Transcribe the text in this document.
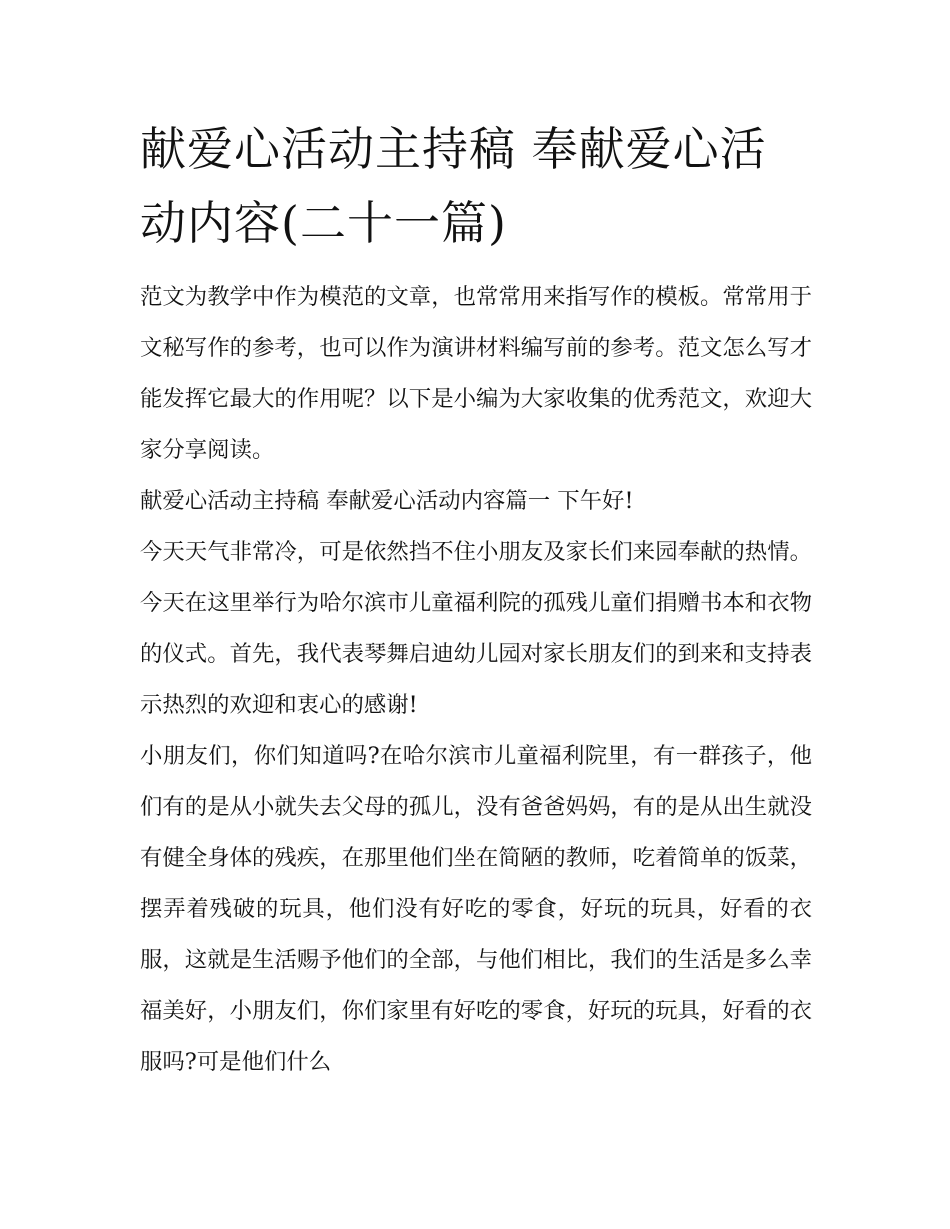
献爱心活动主持稿 奉献爱心活动内容(二十一篇)

范文为教学中作为模范的文章，也常常用来指写作的模板。常常用于文秘写作的参考，也可以作为演讲材料编写前的参考。范文怎么写才能发挥它最大的作用呢？以下是小编为大家收集的优秀范文，欢迎大家分享阅读。

献爱心活动主持稿 奉献爱心活动内容篇一 下午好!

今天天气非常冷，可是依然挡不住小朋友及家长们来园奉献的热情。今天在这里举行为哈尔滨市儿童福利院的孤残儿童们捐赠书本和衣物的仪式。首先，我代表琴舞启迪幼儿园对家长朋友们的到来和支持表示热烈的欢迎和衷心的感谢!

小朋友们，你们知道吗?在哈尔滨市儿童福利院里，有一群孩子，他们有的是从小就失去父母的孤儿，没有爸爸妈妈，有的是从出生就没有健全身体的残疾，在那里他们坐在简陋的教师，吃着简单的饭菜，摆弄着残破的玩具，他们没有好吃的零食，好玩的玩具，好看的衣服，这就是生活赐予他们的全部，与他们相比，我们的生活是多么幸福美好，小朋友们，你们家里有好吃的零食，好玩的玩具，好看的衣服吗?可是他们什么
